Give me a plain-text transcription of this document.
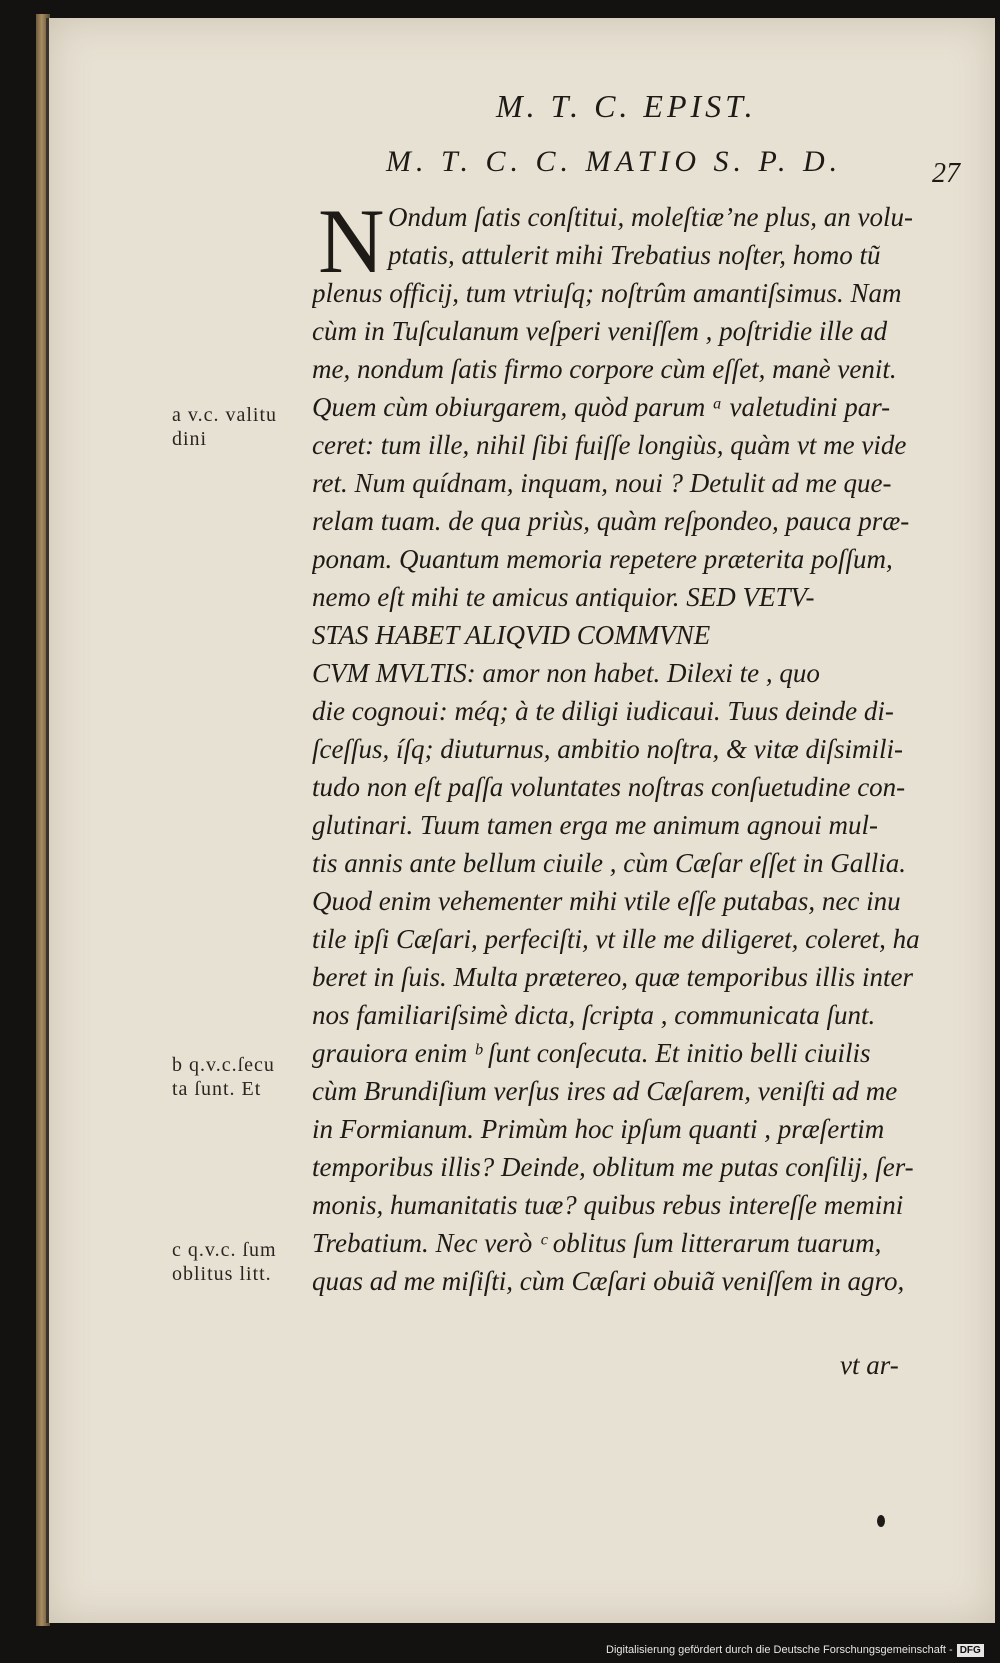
M. T. C. EPIST.
M. T. C. C. MATIO S. P. D.	27
N Ondum ſatis conſtitui, moleſtiæ’ne plus, an volu-
ptatis, attulerit mihi Trebatius noſter, homo tũ
plenus officij, tum vtriuſq; noſtrûm amantiſsimus. Nam
cùm in Tuſculanum veſperi veniſſem , poſtridie ille ad
me, nondum ſatis firmo corpore cùm eſſet, manè venit.
Quem cùm obiurgarem, quòd parum ᵃ valetudini par-
ceret: tum ille, nihil ſibi fuiſſe longiùs, quàm vt me vide
ret. Num quídnam, inquam, noui ? Detulit ad me que-
relam tuam. de qua priùs, quàm reſpondeo, pauca præ-
ponam. Quantum memoria repetere præterita poſſum,
nemo eſt mihi te amicus antiquior. SED VETV-
STAS HABET ALIQVID COMMVNE
CVM MVLTIS: amor non habet. Dilexi te , quo
die cognoui: méq; à te diligi iudicaui. Tuus deinde di-
ſceſſus, íſq; diuturnus, ambitio noſtra, & vitæ diſsimili-
tudo non eſt paſſa voluntates noſtras conſuetudine con-
glutinari. Tuum tamen erga me animum agnoui mul-
tis annis ante bellum ciuile , cùm Cæſar eſſet in Gallia.
Quod enim vehementer mihi vtile eſſe putabas, nec inu
tile ipſi Cæſari, perfeciſti, vt ille me diligeret, coleret, ha
beret in ſuis. Multa prætereo, quæ temporibus illis inter
nos familiariſsimè dicta, ſcripta , communicata ſunt.
grauiora enim ᵇ ſunt conſecuta. Et initio belli ciuilis
cùm Brundiſium verſus ires ad Cæſarem, veniſti ad me
in Formianum. Primùm hoc ipſum quanti , præſertim
temporibus illis? Deinde, oblitum me putas conſilij, ſer-
monis, humanitatis tuæ? quibus rebus intereſſe memini
Trebatium. Nec verò ᶜ oblitus ſum litterarum tuarum,
quas ad me miſiſti, cùm Cæſari obuiã veniſſem in agro,
vt ar-
a v.c. valitu
dini
b q.v.c.ſecu
ta ſunt. Et
c q.v.c. ſum
oblitus litt.
Digitalisierung gefördert durch die Deutsche Forschungsgemeinschaft - DFG
